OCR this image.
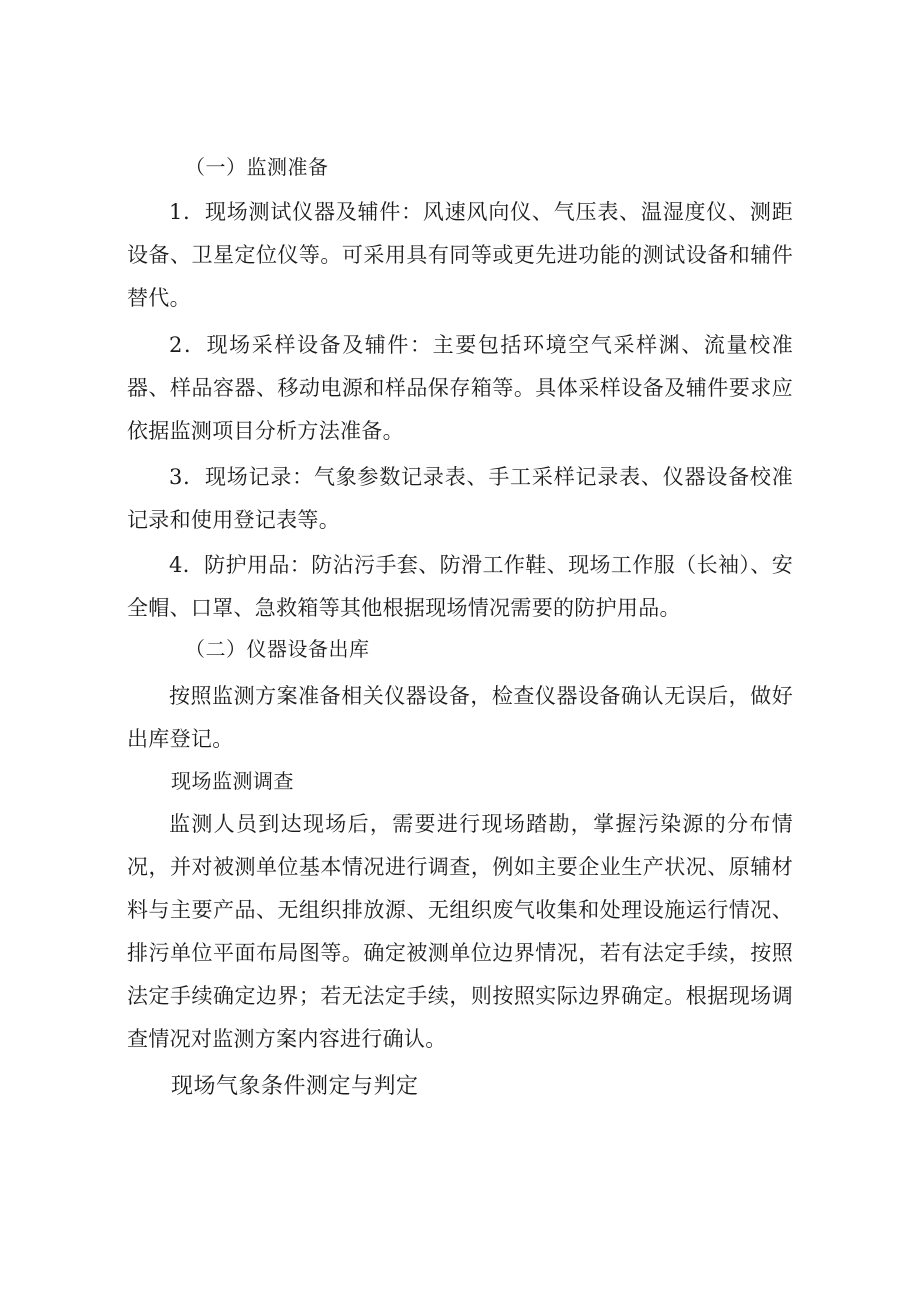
（一）监测准备

1．现场测试仪器及辅件：风速风向仪、气压表、温湿度仪、测距设备、卫星定位仪等。可采用具有同等或更先进功能的测试设备和辅件替代。

2．现场采样设备及辅件：主要包括环境空气采样渊、流量校准器、样品容器、移动电源和样品保存箱等。具体采样设备及辅件要求应依据监测项目分析方法准备。

3．现场记录：气象参数记录表、手工采样记录表、仪器设备校准记录和使用登记表等。

4．防护用品：防沾污手套、防滑工作鞋、现场工作服（长袖）、安全帽、口罩、急救箱等其他根据现场情况需要的防护用品。

（二）仪器设备出库

按照监测方案准备相关仪器设备，检查仪器设备确认无误后，做好出库登记。

现场监测调查

监测人员到达现场后，需要进行现场踏勘，掌握污染源的分布情况，并对被测单位基本情况进行调查，例如主要企业生产状况、原辅材料与主要产品、无组织排放源、无组织废气收集和处理设施运行情况、排污单位平面布局图等。确定被测单位边界情况，若有法定手续，按照法定手续确定边界；若无法定手续，则按照实际边界确定。根据现场调查情况对监测方案内容进行确认。

现场气象条件测定与判定
